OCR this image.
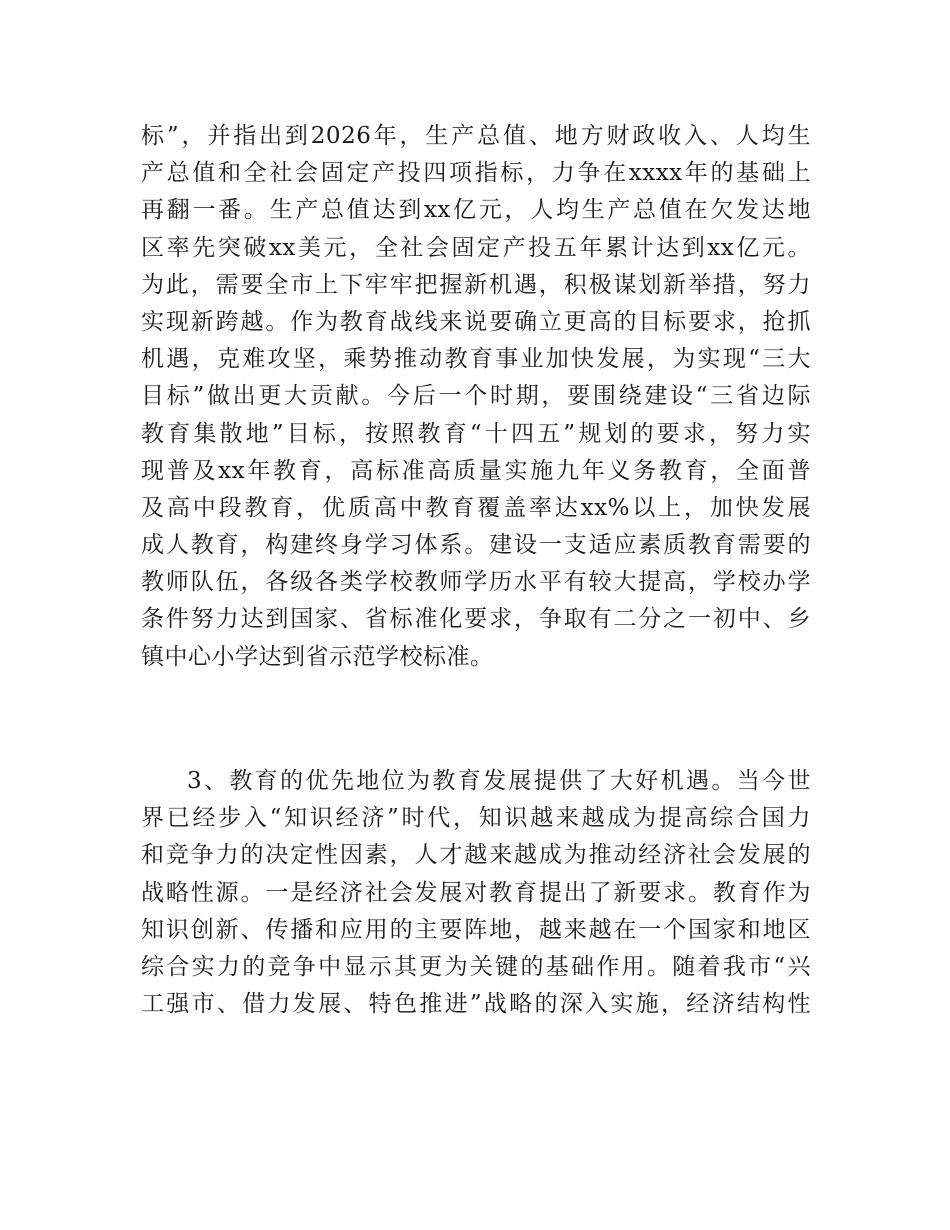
标”，并指出到2026年，生产总值、地方财政收入、人均生
产总值和全社会固定产投四项指标，力争在xxxx年的基础上
再翻一番。生产总值达到xx亿元，人均生产总值在欠发达地
区率先突破xx美元，全社会固定产投五年累计达到xx亿元。
为此，需要全市上下牢牢把握新机遇，积极谋划新举措，努力
实现新跨越。作为教育战线来说要确立更高的目标要求，抢抓
机遇，克难攻坚，乘势推动教育事业加快发展，为实现“三大
目标”做出更大贡献。今后一个时期，要围绕建设“三省边际
教育集散地”目标，按照教育“十四五”规划的要求，努力实
现普及xx年教育，高标准高质量实施九年义务教育，全面普
及高中段教育，优质高中教育覆盖率达xx%以上，加快发展
成人教育，构建终身学习体系。建设一支适应素质教育需要的
教师队伍，各级各类学校教师学历水平有较大提高，学校办学
条件努力达到国家、省标准化要求，争取有二分之一初中、乡
镇中心小学达到省示范学校标准。
3、教育的优先地位为教育发展提供了大好机遇。当今世
界已经步入“知识经济”时代，知识越来越成为提高综合国力
和竞争力的决定性因素，人才越来越成为推动经济社会发展的
战略性源。一是经济社会发展对教育提出了新要求。教育作为
知识创新、传播和应用的主要阵地，越来越在一个国家和地区
综合实力的竞争中显示其更为关键的基础作用。随着我市“兴
工强市、借力发展、特色推进”战略的深入实施，经济结构性
